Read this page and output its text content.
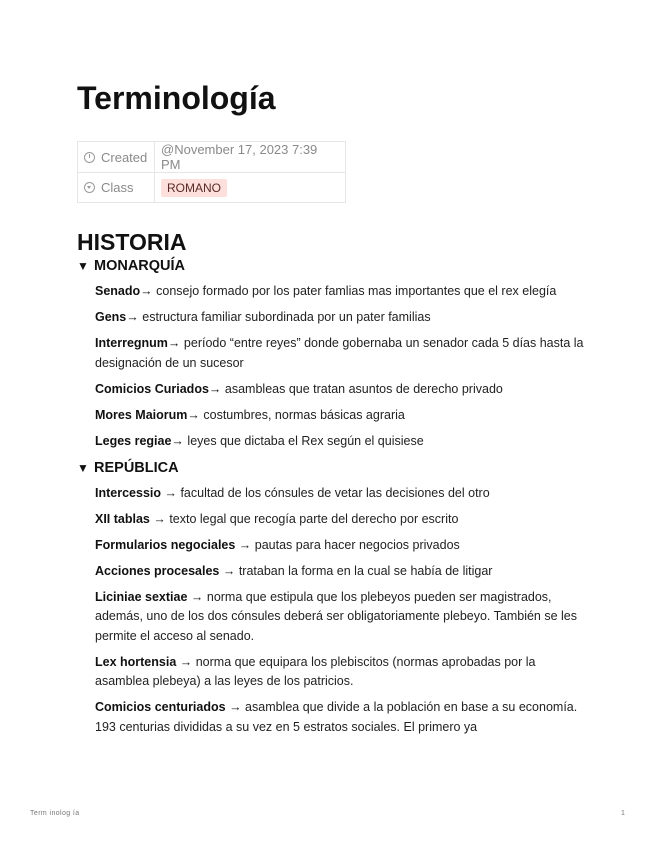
Terminología
Created	@November 17, 2023 7:39 PM
Class	ROMANO
HISTORIA
▼ MONARQUÍA

Senado→ consejo formado por los pater famlias mas importantes que el rex elegía

Gens→ estructura familiar subordinada por un pater familias

Interregnum→ período “entre reyes” donde gobernaba un senador cada 5 días hasta la designación de un sucesor

Comicios Curiados→ asambleas que tratan asuntos de derecho privado

Mores Maiorum→ costumbres, normas básicas agraria

Leges regiae→ leyes que dictaba el Rex según el quisiese

▼ REPÚBLICA

Intercessio → facultad de los cónsules de vetar las decisiones del otro

XII tablas → texto legal que recogía parte del derecho por escrito

Formularios negociales → pautas para hacer negocios privados

Acciones procesales → trataban la forma en la cual se había de litigar

Liciniae sextiae → norma que estipula que los plebeyos pueden ser magistrados, además, uno de los dos cónsules deberá ser obligatoriamente plebeyo. También se les permite el acceso al senado.

Lex hortensia → norma que equipara los plebiscitos (normas aprobadas por la asamblea plebeya) a las leyes de los patricios.

Comicios centuriados → asamblea que divide a la población en base a su economía. 193 centurias divididas a su vez en 5 estratos sociales. El primero ya

Term inolog ía	1
